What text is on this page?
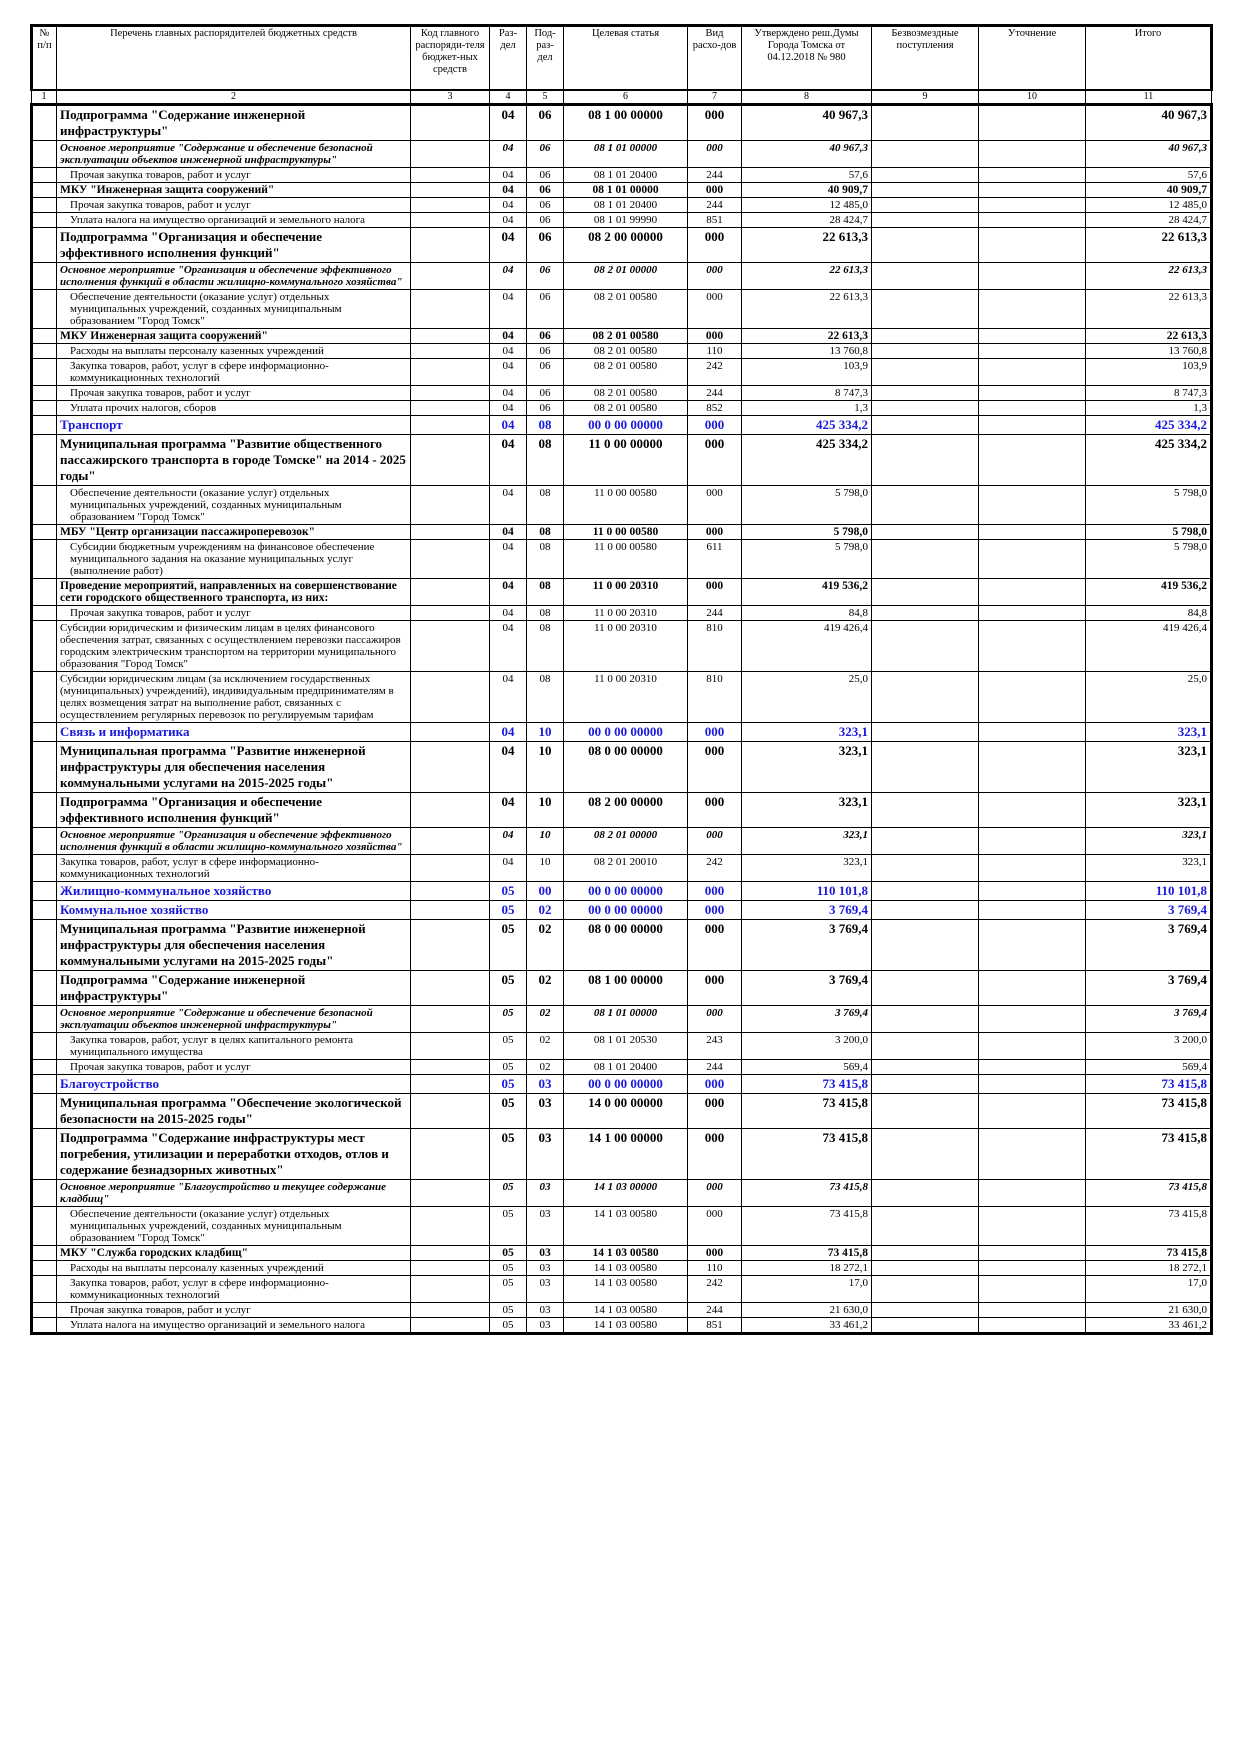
№ п/п	Перечень главных распорядителей бюджетных средств	Код главного распоряди-теля бюджет-ных средств	Раз-дел	Под-раз-дел	Целевая статья	Вид расхо-дов	Утверждено реш.Думы Города Томска от 04.12.2018 № 980	Безвозмездные поступления	Уточнение	Итого
1	2	3	4	5	6	7	8	9	10	11
	Подпрограмма "Содержание инженерной инфраструктуры"		04	06	08 1 00 00000	000	40 967,3			40 967,3
	Основное мероприятие "Содержание и обеспечение безопасной эксплуатации объектов инженерной инфраструктуры"		04	06	08 1 01 00000	000	40 967,3			40 967,3
	Прочая закупка товаров, работ и услуг		04	06	08 1 01 20400	244	57,6			57,6
	МКУ "Инженерная защита сооружений"		04	06	08 1 01 00000	000	40 909,7			40 909,7
	Прочая закупка товаров, работ и услуг		04	06	08 1 01 20400	244	12 485,0			12 485,0
	Уплата налога на имущество организаций и земельного налога		04	06	08 1 01 99990	851	28 424,7			28 424,7
	Подпрограмма "Организация и обеспечение эффективного исполнения функций"		04	06	08 2 00 00000	000	22 613,3			22 613,3
	Основное мероприятие "Организация и обеспечение эффективного исполнения функций в области жилищно-коммунального хозяйства"		04	06	08 2 01 00000	000	22 613,3			22 613,3
	Обеспечение деятельности (оказание услуг) отдельных муниципальных учреждений, созданных муниципальным образованием "Город Томск"		04	06	08 2 01 00580	000	22 613,3			22 613,3
	МКУ Инженерная защита сооружений"		04	06	08 2 01 00580	000	22 613,3			22 613,3
	Расходы на выплаты персоналу казенных учреждений		04	06	08 2 01 00580	110	13 760,8			13 760,8
	Закупка товаров, работ, услуг в сфере информационно-коммуникационных технологий		04	06	08 2 01 00580	242	103,9			103,9
	Прочая закупка товаров, работ и услуг		04	06	08 2 01 00580	244	8 747,3			8 747,3
	Уплата прочих налогов, сборов		04	06	08 2 01 00580	852	1,3			1,3
	Транспорт		04	08	00 0 00 00000	000	425 334,2			425 334,2
	Муниципальная программа "Развитие общественного пассажирского транспорта в городе Томске" на 2014 - 2025 годы"		04	08	11 0 00 00000	000	425 334,2			425 334,2
	Обеспечение деятельности (оказание услуг) отдельных муниципальных учреждений, созданных муниципальным образованием "Город Томск"		04	08	11 0 00 00580	000	5 798,0			5 798,0
	МБУ "Центр организации пассажироперевозок"		04	08	11 0 00 00580	000	5 798,0			5 798,0
	Субсидии бюджетным учреждениям на финансовое обеспечение муниципального задания на оказание муниципальных услуг (выполнение работ)		04	08	11 0 00 00580	611	5 798,0			5 798,0
	Проведение мероприятий, направленных на совершенствование сети городского общественного транспорта, из них:		04	08	11 0 00 20310	000	419 536,2			419 536,2
	Прочая закупка товаров, работ и услуг		04	08	11 0 00 20310	244	84,8			84,8
	Субсидии юридическим и физическим лицам в целях финансового обеспечения затрат, связанных с осуществлением перевозки пассажиров городским электрическим транспортом на территории муниципального образования "Город Томск"		04	08	11 0 00 20310	810	419 426,4			419 426,4
	Субсидии юридическим лицам (за исключением государственных (муниципальных) учреждений), индивидуальным предпринимателям в целях возмещения затрат на выполнение работ, связанных с осуществлением регулярных перевозок по регулируемым тарифам		04	08	11 0 00 20310	810	25,0			25,0
	Связь и информатика		04	10	00 0 00 00000	000	323,1			323,1
	Муниципальная программа "Развитие инженерной инфраструктуры для обеспечения населения коммунальными услугами на 2015-2025 годы"		04	10	08 0 00 00000	000	323,1			323,1
	Подпрограмма "Организация и обеспечение эффективного исполнения функций"		04	10	08 2 00 00000	000	323,1			323,1
	Основное мероприятие "Организация и обеспечение эффективного исполнения функций в области жилищно-коммунального хозяйства"		04	10	08 2 01 00000	000	323,1			323,1
	Закупка товаров, работ, услуг в сфере информационно-коммуникационных технологий		04	10	08 2 01 20010	242	323,1			323,1
	Жилищно-коммунальное хозяйство		05	00	00 0 00 00000	000	110 101,8			110 101,8
	Коммунальное хозяйство		05	02	00 0 00 00000	000	3 769,4			3 769,4
	Муниципальная программа "Развитие инженерной инфраструктуры для обеспечения населения коммунальными услугами на 2015-2025 годы"		05	02	08 0 00 00000	000	3 769,4			3 769,4
	Подпрограмма "Содержание инженерной инфраструктуры"		05	02	08 1 00 00000	000	3 769,4			3 769,4
	Основное мероприятие "Содержание и обеспечение безопасной эксплуатации объектов инженерной инфраструктуры"		05	02	08 1 01 00000	000	3 769,4			3 769,4
	Закупка товаров, работ, услуг в целях капитального ремонта муниципального имущества		05	02	08 1 01 20530	243	3 200,0			3 200,0
	Прочая закупка товаров, работ и услуг		05	02	08 1 01 20400	244	569,4			569,4
	Благоустройство		05	03	00 0 00 00000	000	73 415,8			73 415,8
	Муниципальная программа "Обеспечение экологической безопасности на 2015-2025 годы"		05	03	14 0 00 00000	000	73 415,8			73 415,8
	Подпрограмма "Содержание инфраструктуры мест погребения, утилизации и переработки отходов, отлов и содержание безнадзорных животных"		05	03	14 1 00 00000	000	73 415,8			73 415,8
	Основное мероприятие "Благоустройство и текущее содержание кладбищ"		05	03	14 1 03 00000	000	73 415,8			73 415,8
	Обеспечение деятельности (оказание услуг) отдельных муниципальных учреждений, созданных муниципальным образованием "Город Томск"		05	03	14 1 03 00580	000	73 415,8			73 415,8
	МКУ "Служба городских кладбищ"		05	03	14 1 03 00580	000	73 415,8			73 415,8
	Расходы на выплаты персоналу казенных учреждений		05	03	14 1 03 00580	110	18 272,1			18 272,1
	Закупка товаров, работ, услуг в сфере информационно-коммуникационных технологий		05	03	14 1 03 00580	242	17,0			17,0
	Прочая закупка товаров, работ и услуг		05	03	14 1 03 00580	244	21 630,0			21 630,0
	Уплата налога на имущество организаций и земельного налога		05	03	14 1 03 00580	851	33 461,2			33 461,2
